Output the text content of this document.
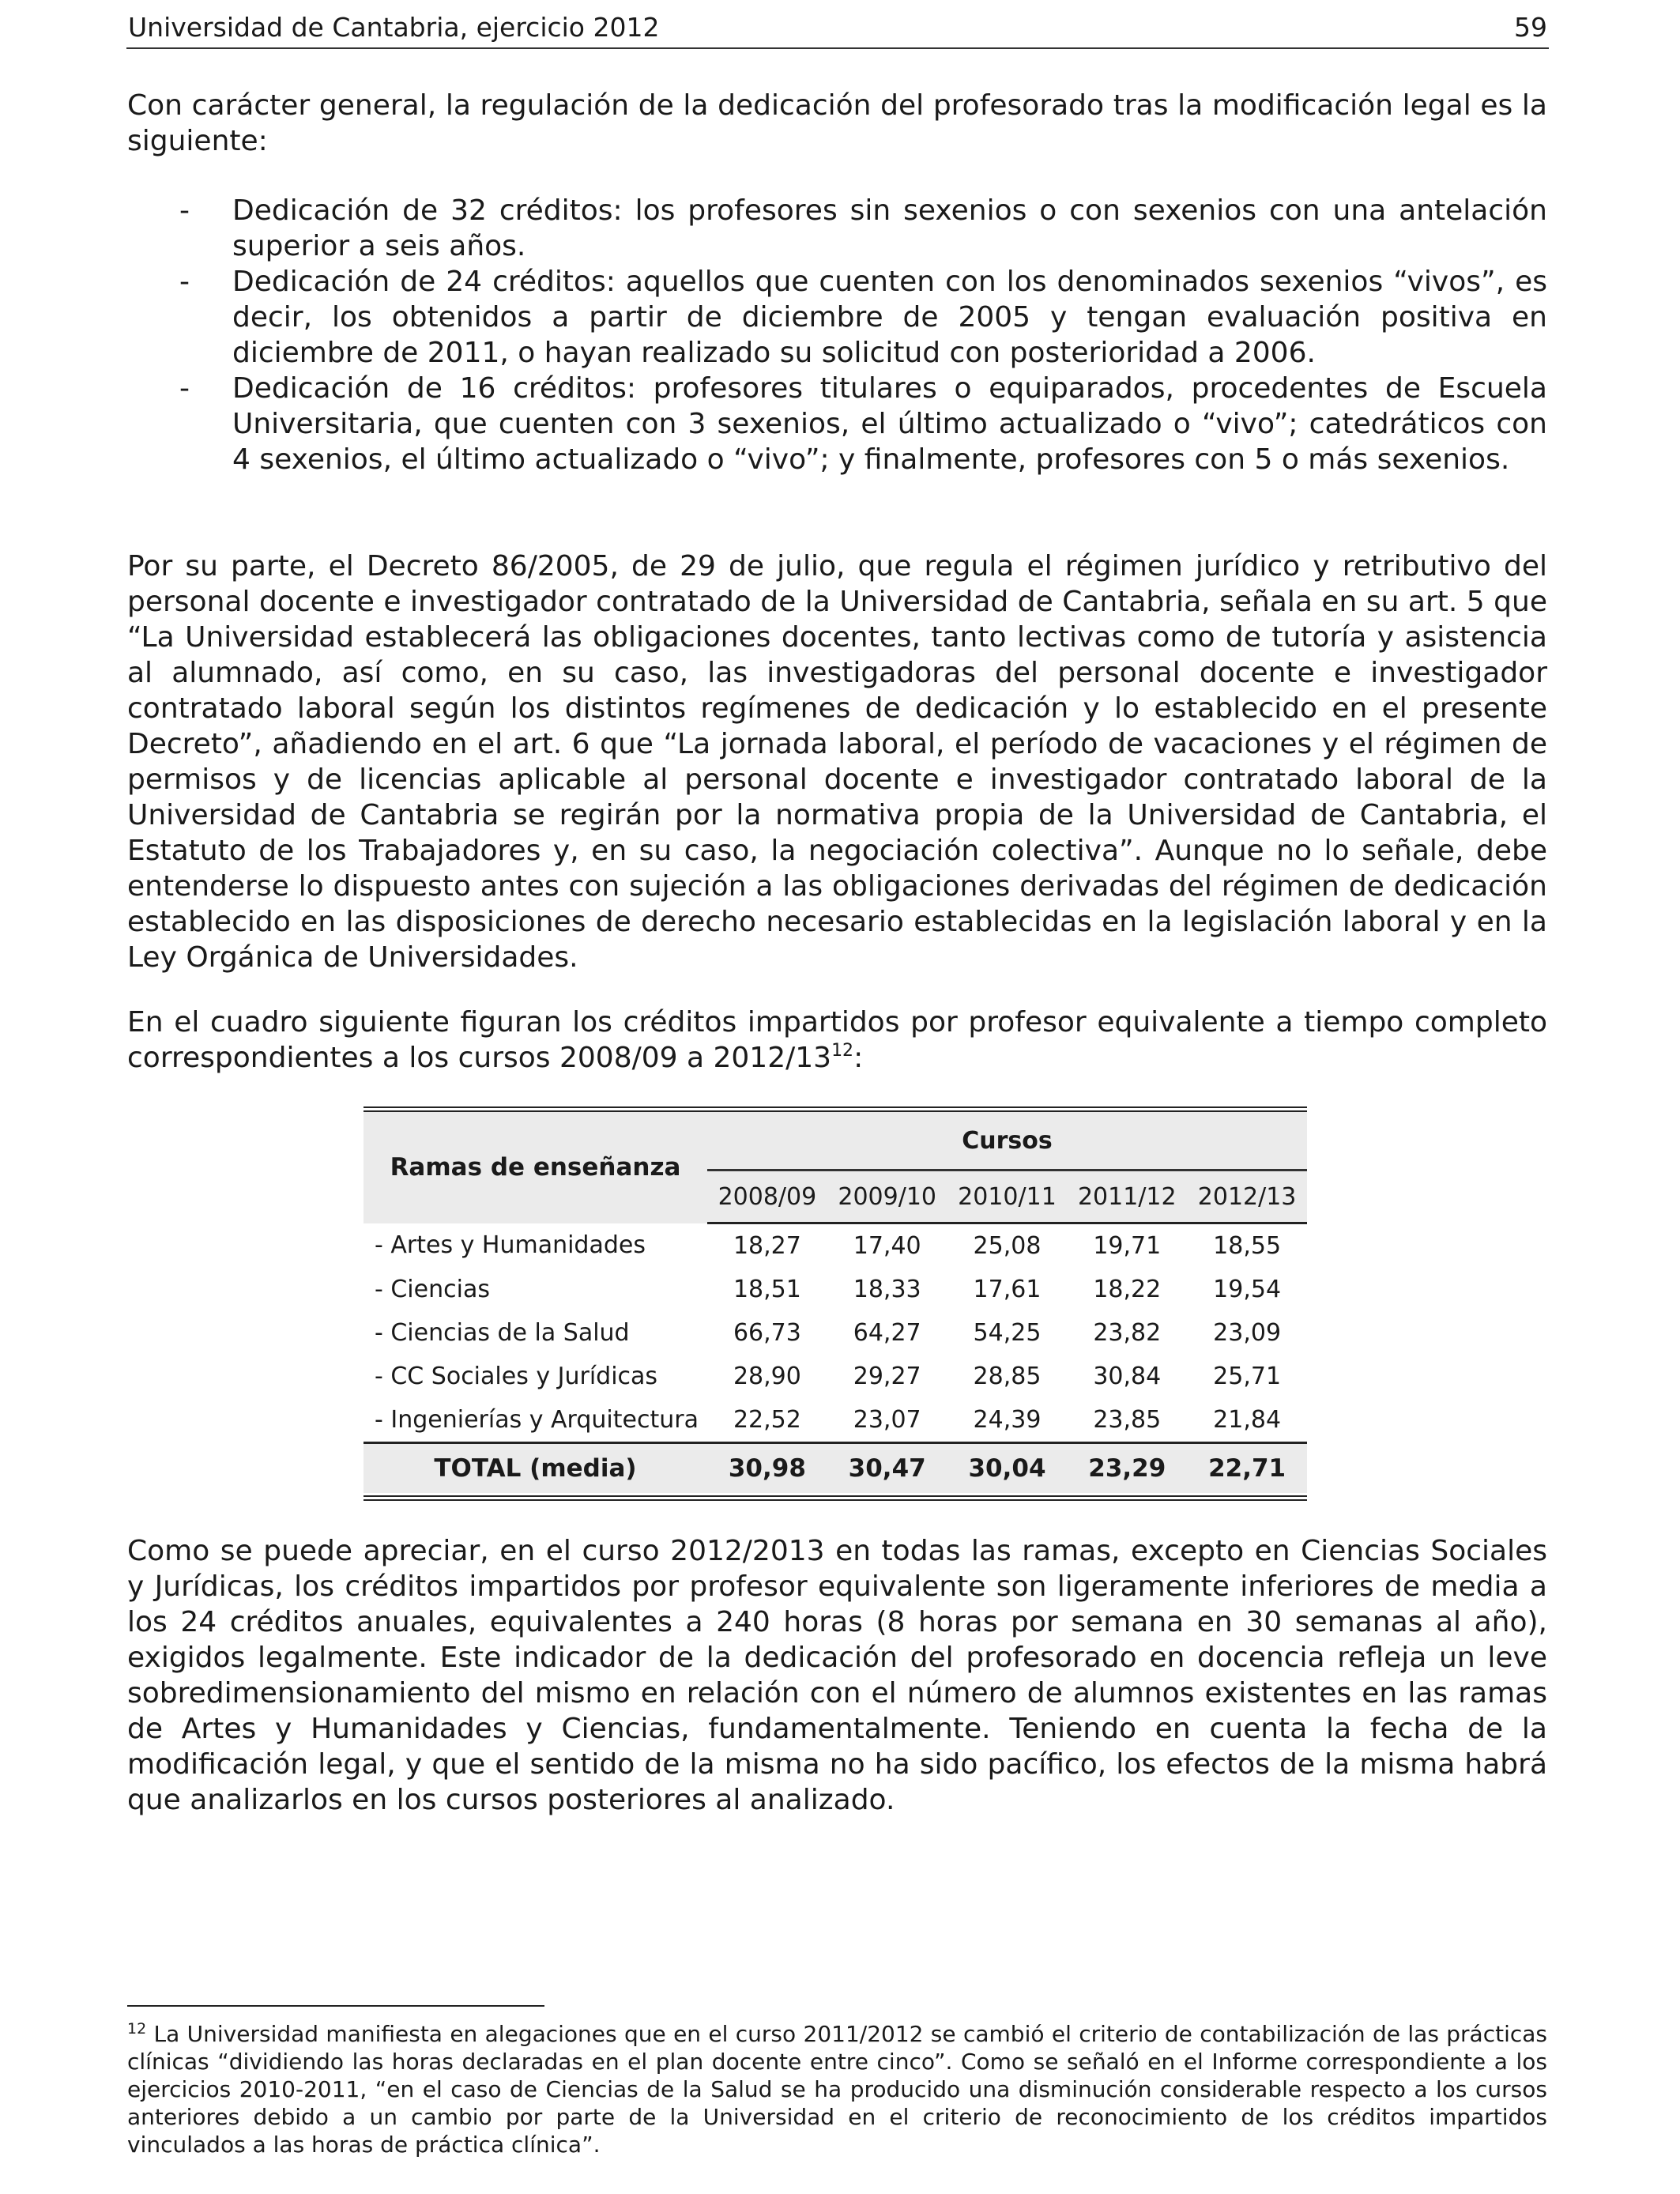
Universidad de Cantabria, ejercicio 2012	59

Con carácter general, la regulación de la dedicación del profesorado tras la modificación legal es la siguiente:

- Dedicación de 32 créditos: los profesores sin sexenios o con sexenios con una antelación superior a seis años.
- Dedicación de 24 créditos: aquellos que cuenten con los denominados sexenios “vivos”, es decir, los obtenidos a partir de diciembre de 2005 y tengan evaluación positiva en diciembre de 2011, o hayan realizado su solicitud con posterioridad a 2006.
- Dedicación de 16 créditos: profesores titulares o equiparados, procedentes de Escuela Universitaria, que cuenten con 3 sexenios, el último actualizado o “vivo”; catedráticos con 4 sexenios, el último actualizado o “vivo”; y finalmente, profesores con 5 o más sexenios.

Por su parte, el Decreto 86/2005, de 29 de julio, que regula el régimen jurídico y retributivo del personal docente e investigador contratado de la Universidad de Cantabria, señala en su art. 5 que “La Universidad establecerá las obligaciones docentes, tanto lectivas como de tutoría y asistencia al alumnado, así como, en su caso, las investigadoras del personal docente e investigador contratado laboral según los distintos regímenes de dedicación y lo establecido en el presente Decreto”, añadiendo en el art. 6 que “La jornada laboral, el período de vacaciones y el régimen de permisos y de licencias aplicable al personal docente e investigador contratado laboral de la Universidad de Cantabria se regirán por la normativa propia de la Universidad de Cantabria, el Estatuto de los Trabajadores y, en su caso, la negociación colectiva”. Aunque no lo señale, debe entenderse lo dispuesto antes con sujeción a las obligaciones derivadas del régimen de dedicación establecido en las disposiciones de derecho necesario establecidas en la legislación laboral y en la Ley Orgánica de Universidades.

En el cuadro siguiente figuran los créditos impartidos por profesor equivalente a tiempo completo correspondientes a los cursos 2008/09 a $2012/13^{12}$:

Ramas de enseñanza	Cursos				
	2008/09	2009/10	2010/11	2011/12	2012/13
- Artes y Humanidades	18,27	17,40	25,08	19,71	18,55
- Ciencias	18,51	18,33	17,61	18,22	19,54
- Ciencias de la Salud	66,73	64,27	54,25	23,82	23,09
- CC Sociales y Jurídicas	28,90	29,27	28,85	30,84	25,71
- Ingenierías y Arquitectura	22,52	23,07	24,39	23,85	21,84
TOTAL (media)	30,98	30,47	30,04	23,29	22,71

Como se puede apreciar, en el curso 2012/2013 en todas las ramas, excepto en Ciencias Sociales y Jurídicas, los créditos impartidos por profesor equivalente son ligeramente inferiores de media a los 24 créditos anuales, equivalentes a 240 horas (8 horas por semana en 30 semanas al año), exigidos legalmente. Este indicador de la dedicación del profesorado en docencia refleja un leve sobredimensionamiento del mismo en relación con el número de alumnos existentes en las ramas de Artes y Humanidades y Ciencias, fundamentalmente. Teniendo en cuenta la fecha de la modificación legal, y que el sentido de la misma no ha sido pacífico, los efectos de la misma habrá que analizarlos en los cursos posteriores al analizado.

$^{12}$ La Universidad manifiesta en alegaciones que en el curso 2011/2012 se cambió el criterio de contabilización de las prácticas clínicas “dividiendo las horas declaradas en el plan docente entre cinco”. Como se señaló en el Informe correspondiente a los ejercicios 2010-2011, “en el caso de Ciencias de la Salud se ha producido una disminución considerable respecto a los cursos anteriores debido a un cambio por parte de la Universidad en el criterio de reconocimiento de los créditos impartidos vinculados a las horas de práctica clínica”.
